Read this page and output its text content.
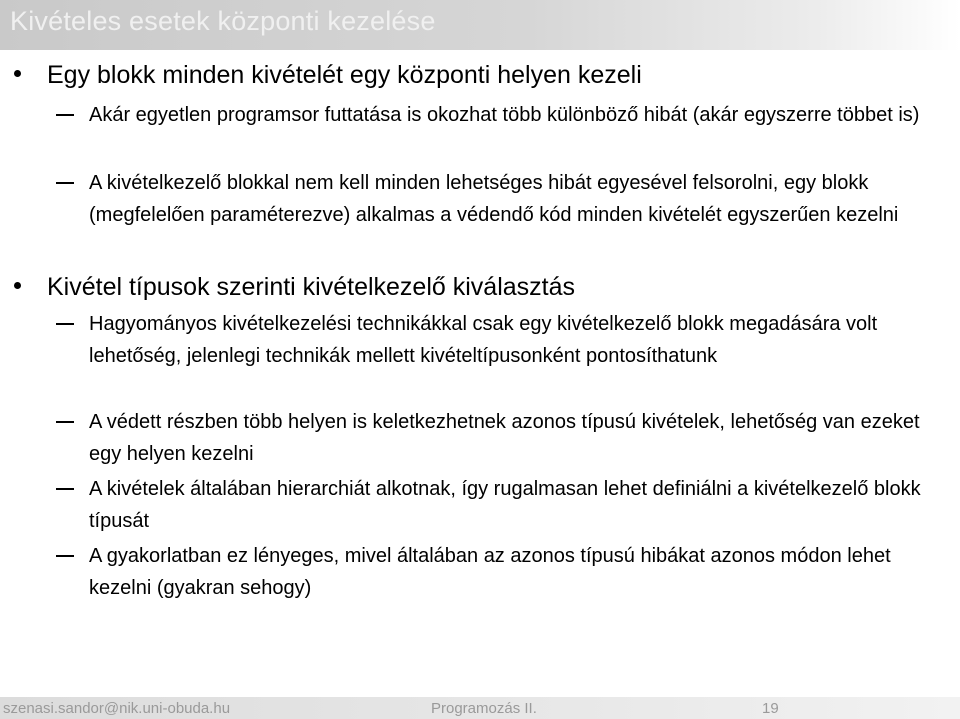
Kivételes esetek központi kezelése
Egy blokk minden kivételét egy központi helyen kezeli
Akár egyetlen programsor futtatása is okozhat több különböző hibát (akár egyszerre többet is)
A kivételkezelő blokkal nem kell minden lehetséges hibát egyesével felsorolni, egy blokk (megfelelően paraméterezve) alkalmas a védendő kód minden kivételét egyszerűen kezelni
Kivétel típusok szerinti kivételkezelő kiválasztás
Hagyományos kivételkezelési technikákkal csak egy kivételkezelő blokk megadására volt lehetőség, jelenlegi technikák mellett kivételtípusonként pontosíthatunk
A védett részben több helyen is keletkezhetnek azonos típusú kivételek, lehetőség van ezeket egy helyen kezelni
A kivételek általában hierarchiát alkotnak, így rugalmasan lehet definiálni a kivételkezelő blokk típusát
A gyakorlatban ez lényeges, mivel általában az azonos típusú hibákat azonos módon lehet kezelni (gyakran sehogy)
szenasi.sandor@nik.uni-obuda.hu	Programozás II.	19
